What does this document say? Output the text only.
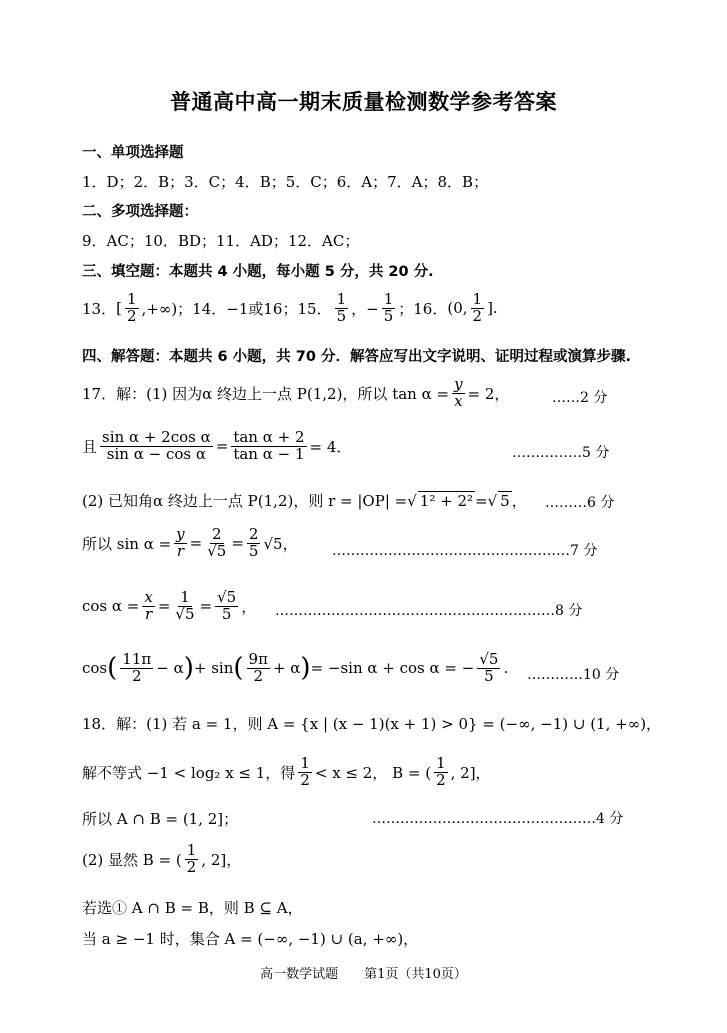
普通高中高一期末质量检测数学参考答案
一、单项选择题
1．D；2．B；3．C；4．B；5．C；6．A；7．A；8．B；
二、多项选择题：
9．AC；10．BD；11．AD；12．AC；
三、填空题：本题共 4 小题，每小题 5 分，共 20 分.
13． [ $\frac{1}{2}$ ,+∞)；14． −1或16 ；15． $\frac{1}{5}$ ，− $\frac{1}{5}$ ；16． (0, $\frac{1}{2}$ ].
四、解答题：本题共 6 小题，共 70 分．解答应写出文字说明、证明过程或演算步骤.
17．解：(1) 因为α 终边上一点 P(1,2)，所以 $\tan \alpha = \frac{y}{x} = 2$，	……2 分
且 $\frac{\text{sin α + 2cos α}}{\text{sin α − cos α}} = \frac{\text{tan α + 2}}{\text{tan α − 1}} = 4$．	……………5 分
(2) 已知角α 终边上一点 P(1,2)，则 r = |OP| = √ 1² + 2² = √ 5 ， ………6 分
所以 $\sin \alpha = \frac{y}{r} = \frac{2}{√5} = \frac{2}{5} √5$， ……………………………………………7 分
$\cos \alpha = \frac{x}{r} = \frac{1}{√5} = \frac{√5}{5}$ ， ……………………………………………………8 分
cos ( $\frac{11\pi}{2} - \alpha$ ) + sin ( $\frac{9\pi}{2} + \alpha$ ) = −sin α + cos α = − $\frac{√5}{5}$ . …………10 分
18．解：(1) 若 a = 1，则 A = {x | (x − 1)(x + 1) > 0} = (−∞, −1) ∪ (1, +∞)，
解不等式 −1 < log₂ x ≤ 1，得 $\frac{1}{2} < x \le 2$， B = ( $\frac{1}{2}$ , 2]，
所以 A ∩ B = (1, 2]；	…………………………………………4 分
(2) 显然 B = ( $\frac{1}{2}$ , 2]，
若选① A ∩ B = B，则 B ⊆ A，
当 a ≥ −1 时，集合 A = (−∞, −1) ∪ (a, +∞)，
高一数学试题　　第1页（共10页）
